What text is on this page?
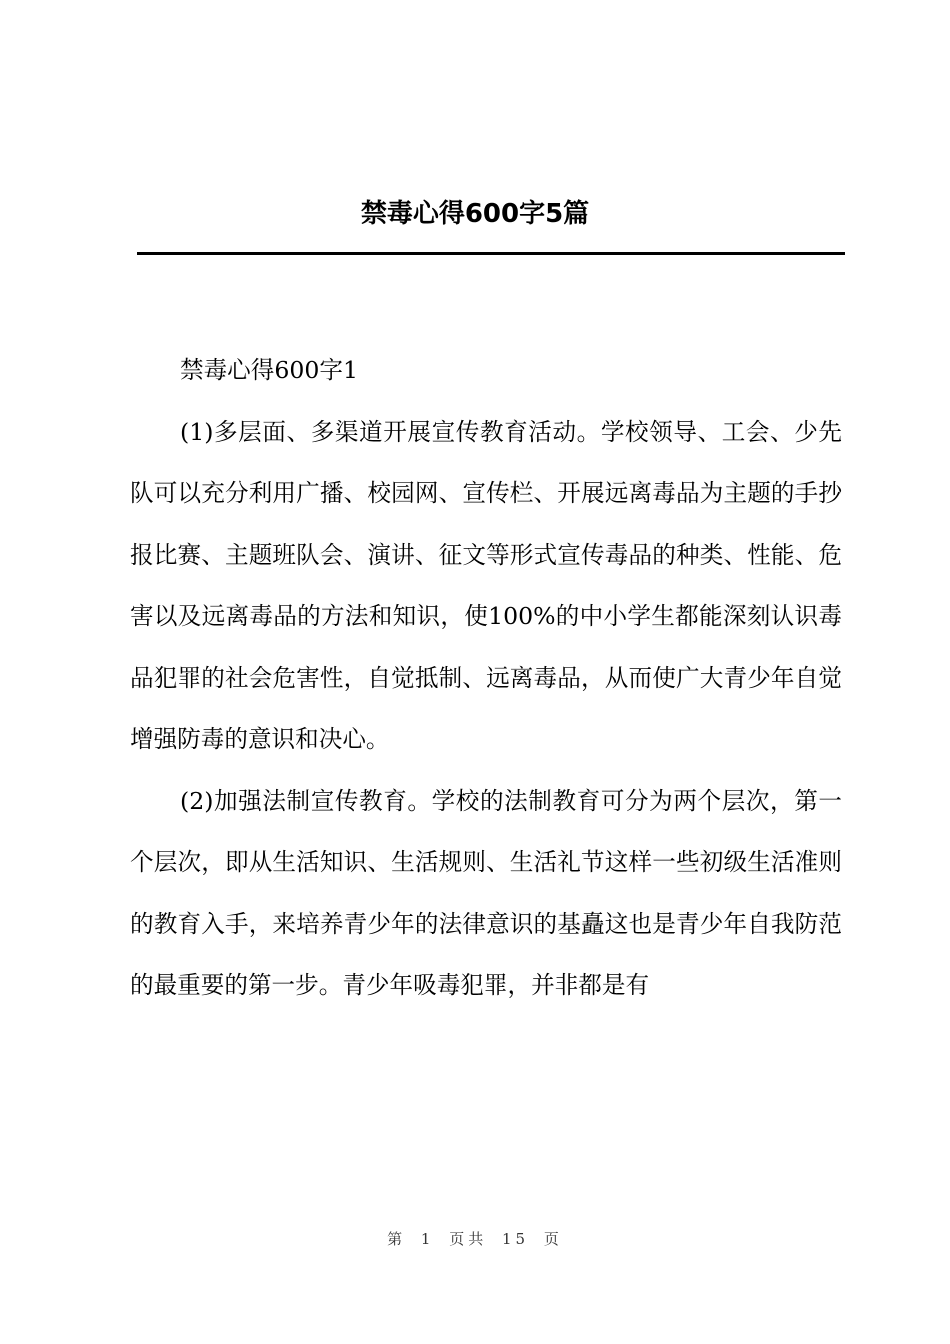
禁毒心得600字5篇

禁毒心得600字1

(1)多层面、多渠道开展宣传教育活动。学校领导、工会、少先队可以充分利用广播、校园网、宣传栏、开展远离毒品为主题的手抄报比赛、主题班队会、演讲、征文等形式宣传毒品的种类、性能、危害以及远离毒品的方法和知识，使100%的中小学生都能深刻认识毒品犯罪的社会危害性，自觉抵制、远离毒品，从而使广大青少年自觉增强防毒的意识和决心。

(2)加强法制宣传教育。学校的法制教育可分为两个层次，第一个层次，即从生活知识、生活规则、生活礼节这样一些初级生活准则的教育入手，来培养青少年的法律意识的基矗这也是青少年自我防范的最重要的第一步。青少年吸毒犯罪，并非都是有

第 1 页共 15 页
